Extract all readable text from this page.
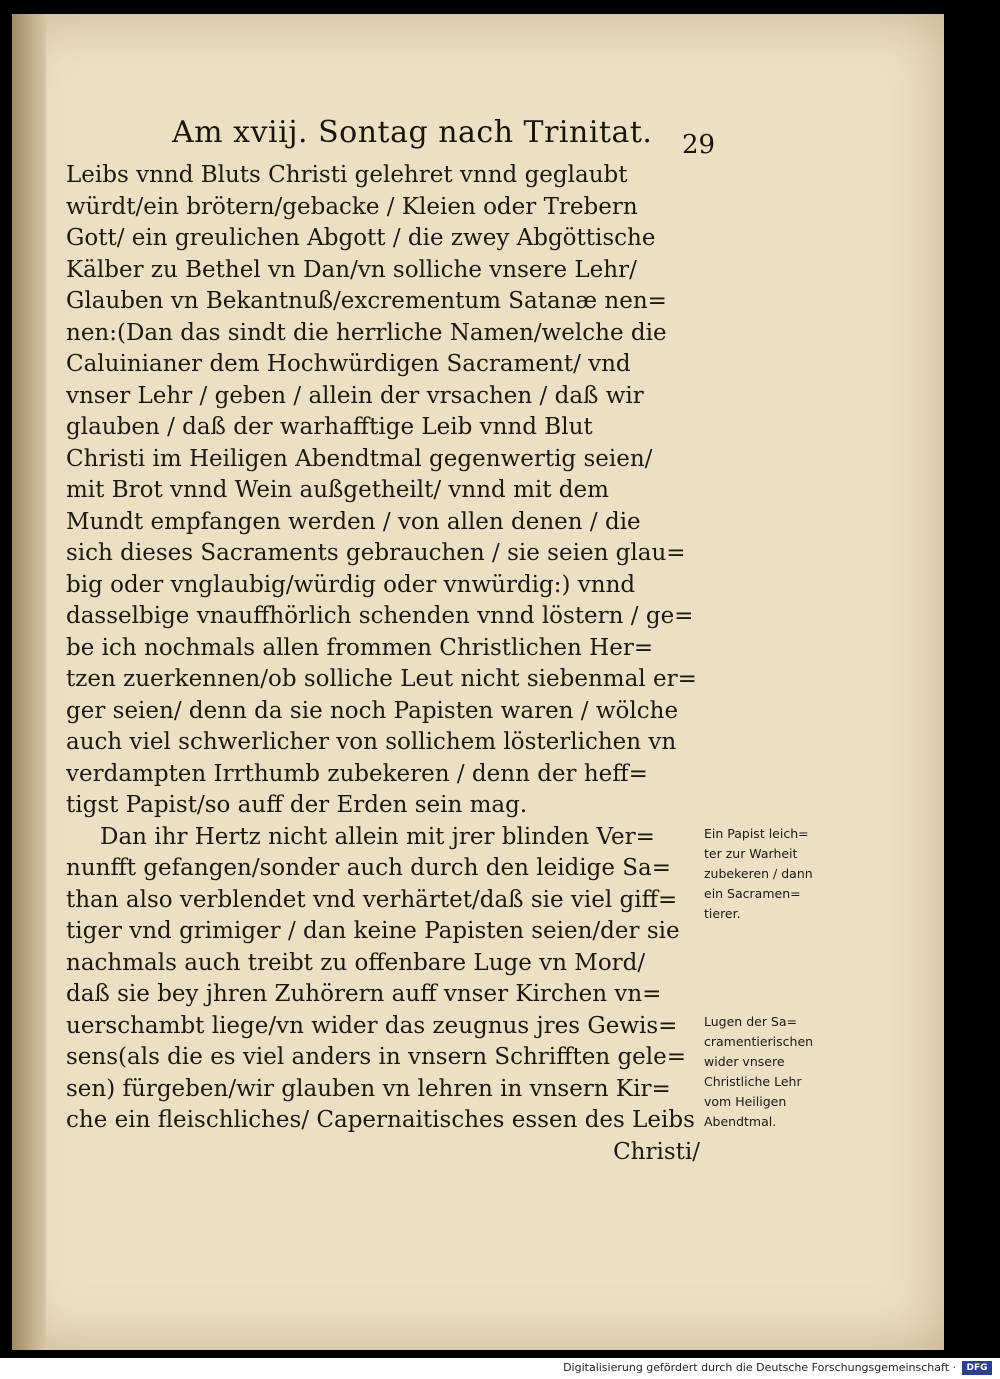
Am xviij. Sontag nach Trinitat. 29
Leibs vnnd Bluts Christi gelehret vnnd geglaubt
würdt/ein brötern/gebacke / Kleien oder Trebern
Gott/ ein greulichen Abgott / die zwey Abgöttische
Kälber zu Bethel vn Dan/vn solliche vnsere Lehr/
Glauben vn Bekantnuß/excrementum Satanæ nen=
nen:(Dan das sindt die herrliche Namen/welche die
Caluinianer dem Hochwürdigen Sacrament/ vnd
vnser Lehr / geben / allein der vrsachen / daß wir
glauben / daß der warhafftige Leib vnnd Blut
Christi im Heiligen Abendtmal gegenwertig seien/
mit Brot vnnd Wein außgetheilt/ vnnd mit dem
Mundt empfangen werden / von allen denen / die
sich dieses Sacraments gebrauchen / sie seien glau=
big oder vnglaubig/würdig oder vnwürdig:) vnnd
dasselbige vnauffhörlich schenden vnnd löstern / ge=
be ich nochmals allen frommen Christlichen Her=
tzen zuerkennen/ob solliche Leut nicht siebenmal er=
ger seien/ denn da sie noch Papisten waren / wölche
auch viel schwerlicher von sollichem lösterlichen vn
verdampten Irrthumb zubekeren / denn der heff=
tigst Papist/so auff der Erden sein mag.
Dan ihr Hertz nicht allein mit jrer blinden Ver=
nunfft gefangen/sonder auch durch den leidige Sa=
than also verblendet vnd verhärtet/daß sie viel giff=
tiger vnd grimiger / dan keine Papisten seien/der sie
nachmals auch treibt zu offenbare Luge vn Mord/
daß sie bey jhren Zuhörern auff vnser Kirchen vn=
uerschambt liege/vn wider das zeugnus jres Gewis=
sens(als die es viel anders in vnsern Schrifften gele=
sen) fürgeben/wir glauben vn lehren in vnsern Kir=
che ein fleischliches/ Capernaitisches essen des Leibs
Christi/
Ein Papist leich=
ter zur Warheit
zubekeren / dann
ein Sacramen=
tierer.
Lugen der Sa=
cramentierischen
wider vnsere
Christliche Lehr
vom Heiligen
Abendtmal.
Digitalisierung gefördert durch die Deutsche Forschungsgemeinschaft ·	DFG
